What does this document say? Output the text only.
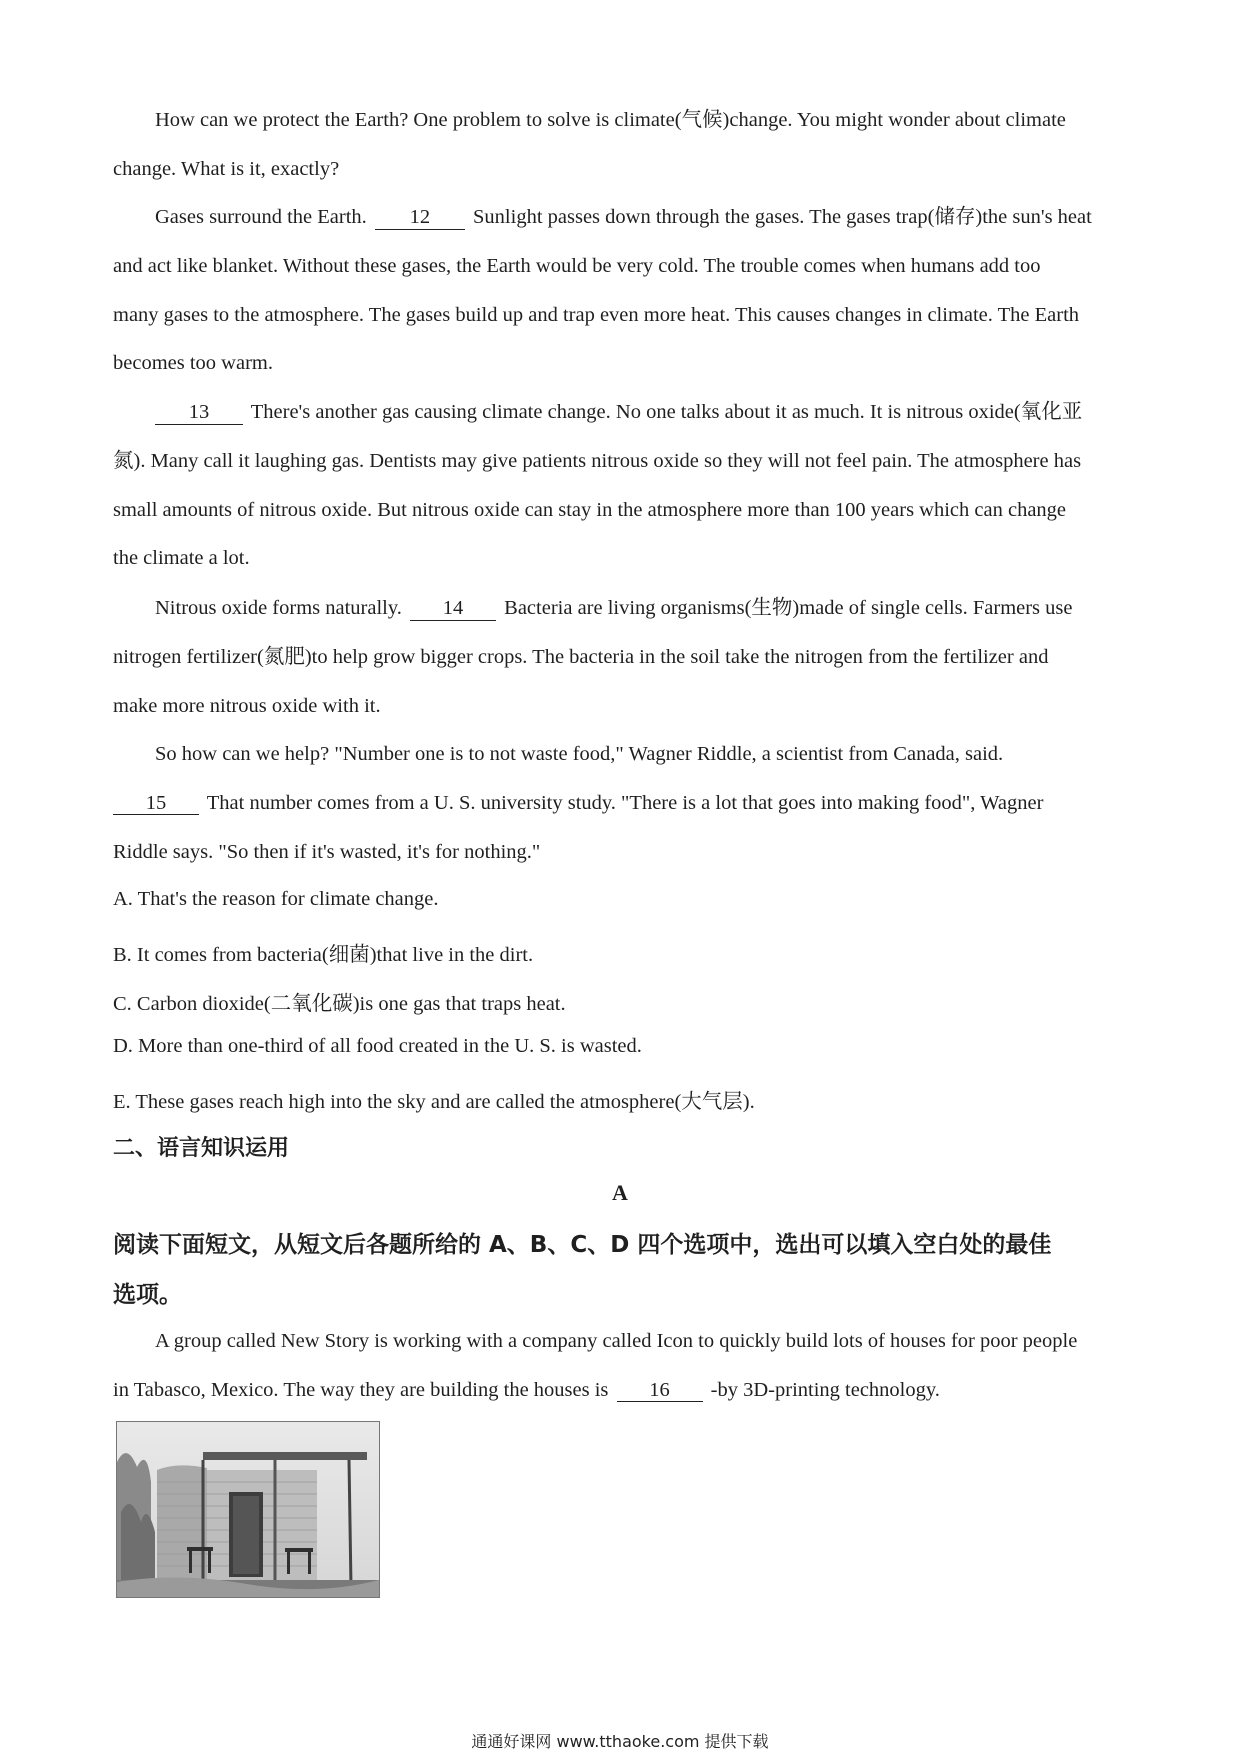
How can we protect the Earth? One problem to solve is climate(气候)change. You might wonder about climate
change. What is it, exactly?
Gases surround the Earth. 12 Sunlight passes down through the gases. The gases trap(储存)the sun's heat
and act like blanket. Without these gases, the Earth would be very cold. The trouble comes when humans add too
many gases to the atmosphere. The gases build up and trap even more heat. This causes changes in climate. The Earth
becomes too warm.
13 There's another gas causing climate change. No one talks about it as much. It is nitrous oxide(氧化亚
氮). Many call it laughing gas. Dentists may give patients nitrous oxide so they will not feel pain. The atmosphere has
small amounts of nitrous oxide. But nitrous oxide can stay in the atmosphere more than 100 years which can change
the climate a lot.
Nitrous oxide forms naturally. 14 Bacteria are living organisms(生物)made of single cells. Farmers use
nitrogen fertilizer(氮肥)to help grow bigger crops. The bacteria in the soil take the nitrogen from the fertilizer and
make more nitrous oxide with it.
So how can we help? "Number one is to not waste food," Wagner Riddle, a scientist from Canada, said.
15 That number comes from a U. S. university study. "There is a lot that goes into making food", Wagner
Riddle says. "So then if it's wasted, it's for nothing."

A. That's the reason for climate change.

B. It comes from bacteria(细菌)that live in the dirt.

C. Carbon dioxide(二氧化碳)is one gas that traps heat.

D. More than one-third of all food created in the U. S. is wasted.

E. These gases reach high into the sky and are called the atmosphere(大气层).

二、语言知识运用

A

阅读下面短文，从短文后各题所给的 A、B、C、D 四个选项中，选出可以填入空白处的最佳
选项。
A group called New Story is working with a company called Icon to quickly build lots of houses for poor people
in Tabasco, Mexico. The way they are building the houses is 16 -by 3D-printing technology.

通通好课网 www.tthaoke.com 提供下载
